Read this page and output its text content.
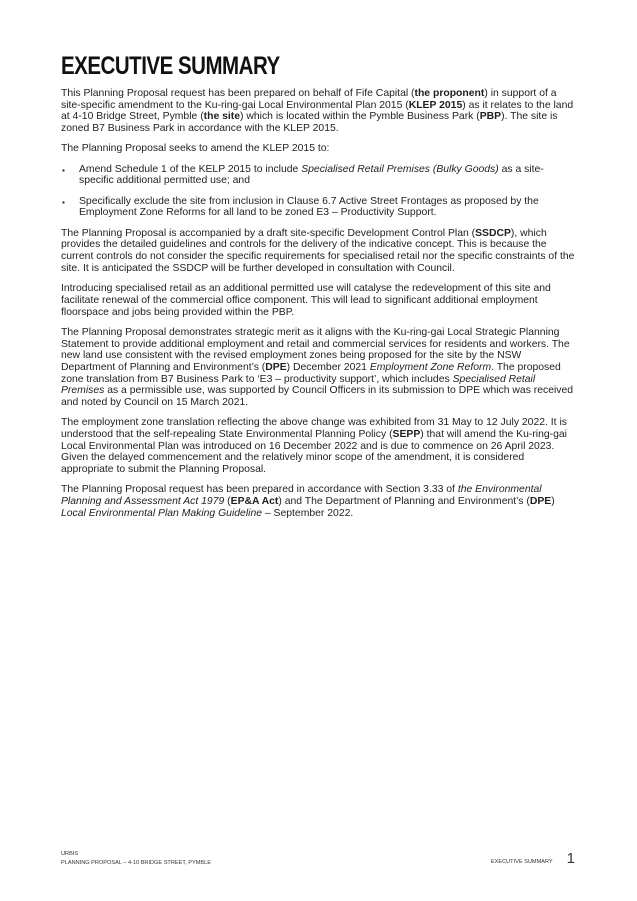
EXECUTIVE SUMMARY

This Planning Proposal request has been prepared on behalf of Fife Capital (the proponent) in support of a site-specific amendment to the Ku-ring-gai Local Environmental Plan 2015 (KLEP 2015) as it relates to the land at 4-10 Bridge Street, Pymble (the site) which is located within the Pymble Business Park (PBP). The site is zoned B7 Business Park in accordance with the KLEP 2015.

The Planning Proposal seeks to amend the KLEP 2015 to:

▪ Amend Schedule 1 of the KELP 2015 to include Specialised Retail Premises (Bulky Goods) as a site-specific additional permitted use; and
▪ Specifically exclude the site from inclusion in Clause 6.7 Active Street Frontages as proposed by the Employment Zone Reforms for all land to be zoned E3 – Productivity Support.

The Planning Proposal is accompanied by a draft site-specific Development Control Plan (SSDCP), which provides the detailed guidelines and controls for the delivery of the indicative concept. This is because the current controls do not consider the specific requirements for specialised retail nor the specific constraints of the site. It is anticipated the SSDCP will be further developed in consultation with Council.

Introducing specialised retail as an additional permitted use will catalyse the redevelopment of this site and facilitate renewal of the commercial office component. This will lead to significant additional employment floorspace and jobs being provided within the PBP.

The Planning Proposal demonstrates strategic merit as it aligns with the Ku-ring-gai Local Strategic Planning Statement to provide additional employment and retail and commercial services for residents and workers. The new land use consistent with the revised employment zones being proposed for the site by the NSW Department of Planning and Environment’s (DPE) December 2021 Employment Zone Reform. The proposed zone translation from B7 Business Park to ‘E3 – productivity support’, which includes Specialised Retail Premises as a permissible use, was supported by Council Officers in its submission to DPE which was received and noted by Council on 15 March 2021.

The employment zone translation reflecting the above change was exhibited from 31 May to 12 July 2022. It is understood that the self-repealing State Environmental Planning Policy (SEPP) that will amend the Ku-ring-gai Local Environmental Plan was introduced on 16 December 2022 and is due to commence on 26 April 2023. Given the delayed commencement and the relatively minor scope of the amendment, it is considered appropriate to submit the Planning Proposal.

The Planning Proposal request has been prepared in accordance with Section 3.33 of the Environmental Planning and Assessment Act 1979 (EP&A Act) and The Department of Planning and Environment’s (DPE) Local Environmental Plan Making Guideline – September 2022.

URBIS
PLANNING PROPOSAL – 4-10 BRIDGE STREET, PYMBLE	EXECUTIVE SUMMARY 1
